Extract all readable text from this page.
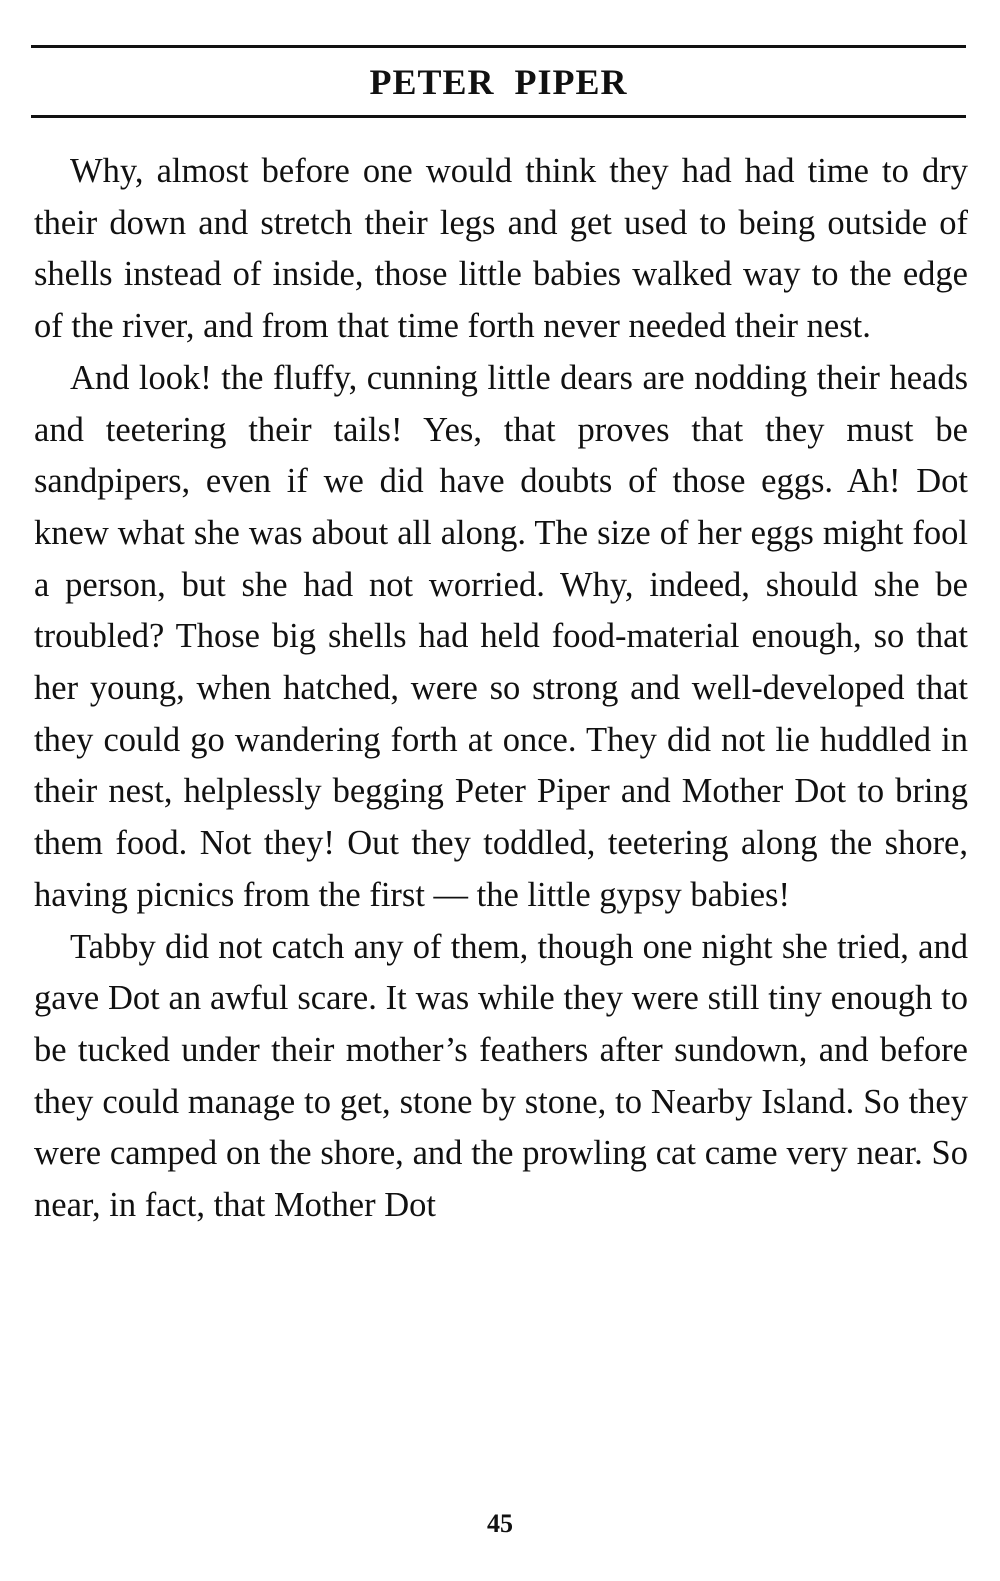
PETER PIPER

Why, almost before one would think they had had time to dry their down and stretch their legs and get used to being outside of shells instead of inside, those little babies walked way to the edge of the river, and from that time forth never needed their nest.

And look! the fluffy, cunning little dears are nodding their heads and teetering their tails! Yes, that proves that they must be sandpipers, even if we did have doubts of those eggs. Ah! Dot knew what she was about all along. The size of her eggs might fool a person, but she had not worried. Why, indeed, should she be troubled? Those big shells had held food-material enough, so that her young, when hatched, were so strong and well-developed that they could go wandering forth at once. They did not lie huddled in their nest, helplessly begging Peter Piper and Mother Dot to bring them food. Not they! Out they toddled, teetering along the shore, having picnics from the first — the little gypsy babies!

Tabby did not catch any of them, though one night she tried, and gave Dot an awful scare. It was while they were still tiny enough to be tucked under their mother’s feathers after sundown, and before they could manage to get, stone by stone, to Nearby Island. So they were camped on the shore, and the prowling cat came very near. So near, in fact, that Mother Dot

45
